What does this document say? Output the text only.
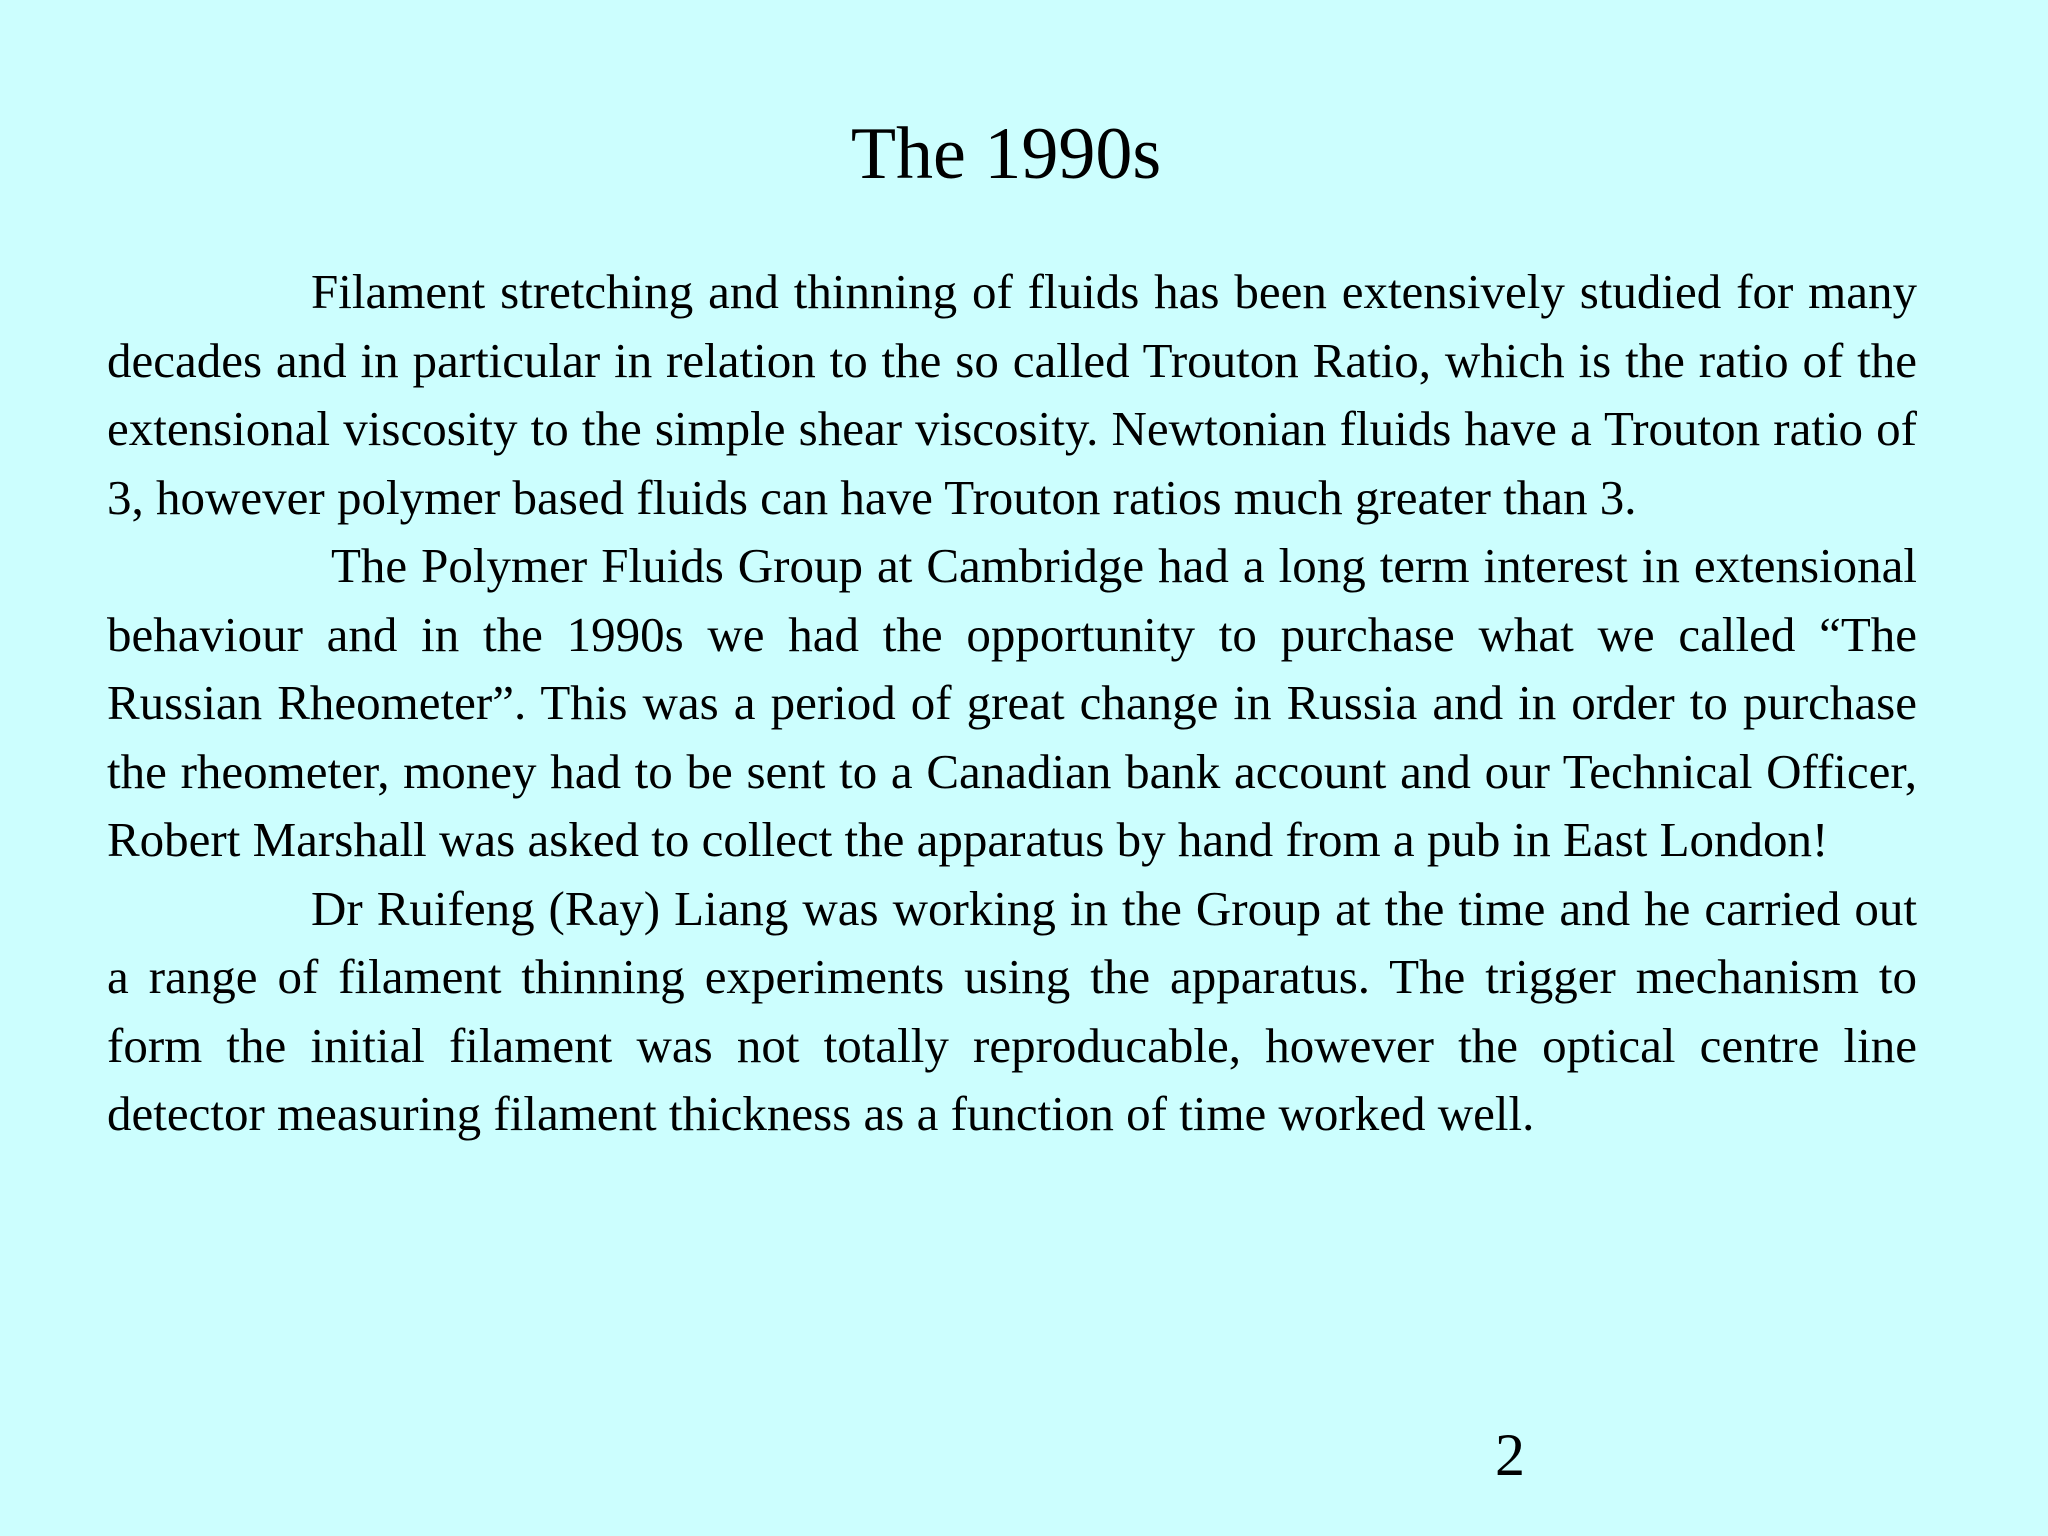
The 1990s

Filament stretching and thinning of fluids has been extensively studied for many decades and in particular in relation to the so called Trouton Ratio, which is the ratio of the extensional viscosity to the simple shear viscosity. Newtonian fluids have a Trouton ratio of 3, however polymer based fluids can have Trouton ratios much greater than 3.

The Polymer Fluids Group at Cambridge had a long term interest in extensional behaviour and in the 1990s we had the opportunity to purchase what we called “The Russian Rheometer”. This was a period of great change in Russia and in order to purchase the rheometer, money had to be sent to a Canadian bank account and our Technical Officer, Robert Marshall was asked to collect the apparatus by hand from a pub in East London!

Dr Ruifeng (Ray) Liang was working in the Group at the time and he carried out a range of filament thinning experiments using the apparatus. The trigger mechanism to form the initial filament was not totally reproducable, however the optical centre line detector measuring filament thickness as a function of time worked well.

2
